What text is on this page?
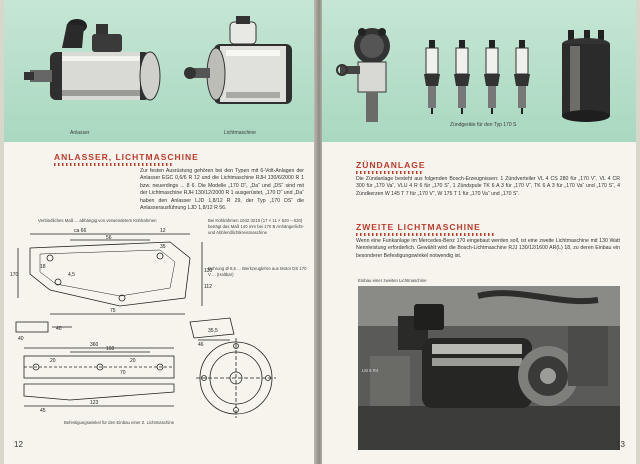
Anlasser	Lichtmaschine
ANLASSER, LICHTMASCHINE
Zur festen Ausrüstung gehören bei den Typen mit 6-Volt-Anlagen der Anlasser EGC 0,6/6 R 12 und die Lichtmaschine RJH 130/6/2000 R 1 bzw. neuerdings ... 8 6. Die Modelle „170 D“, „Da“ und „DS“ sind mit der Lichtmaschine RJH 130/12/2000 R 1 ausgerüstet, „170 D“ und „Da“ haben den Anlasser LJD 1,8/12 R 29, der Typ „170 DS“ die Anlasserausführung LJD 1,8/12 R 56.
Verbindliches Maß ... abhängig von verwendetem Kühlrahmen	Bei Kühlrahmen 1042 3215 (17 × 11 × 520 – 620) beträgt das Maß 140 mm bei 170 B Anhängerlicht- und Abblendlichtkreismaschine
Bohrung Ø 8,5 ... Werkzeuglehre aus Motor DS 170 V ... (Haltbar)
ca 66	12
56
35
18
4,5
40
170
130
112
35,5
46
75
40
360
160
20	20
70
123
45
Befestigungswinkel für den Einbau einer 2. Lichtmaschine
12
Zündgeräte für den Typ 170 S
ZÜNDANLAGE
Die Zündanlage besteht aus folgenden Bosch-Erzeugnissen: 1 Zündverteiler VL 4 CS 280 für „170 V“, VL 4 CR 300 für „170 Va“, VLU 4 R 6 für „170 S“, 1 Zündspule TK 6 A 3 für „170 V“, TK 6 A 3 für „170 Va“ und „170 S“, 4 Zündkerzen W 145 T 7 für „170 V“, W 175 T 1 für „170 Va“ und „170 S“.
ZWEITE LICHTMASCHINE
Wenn eine Funkanlage im Mercedes-Benz 170 eingebaut werden soll, ist eine zweite Lichtmaschine mit 130 Watt Nennleistung erforderlich. Gewählt wird die Bosch-Lichtmaschine RJJ 130/12/1600 AR(L) 18, zu deren Einbau ein besonderer Befestigungswinkel notwendig ist.
Einbau einer zweiten Lichtmaschine
LM 6 R4
13
